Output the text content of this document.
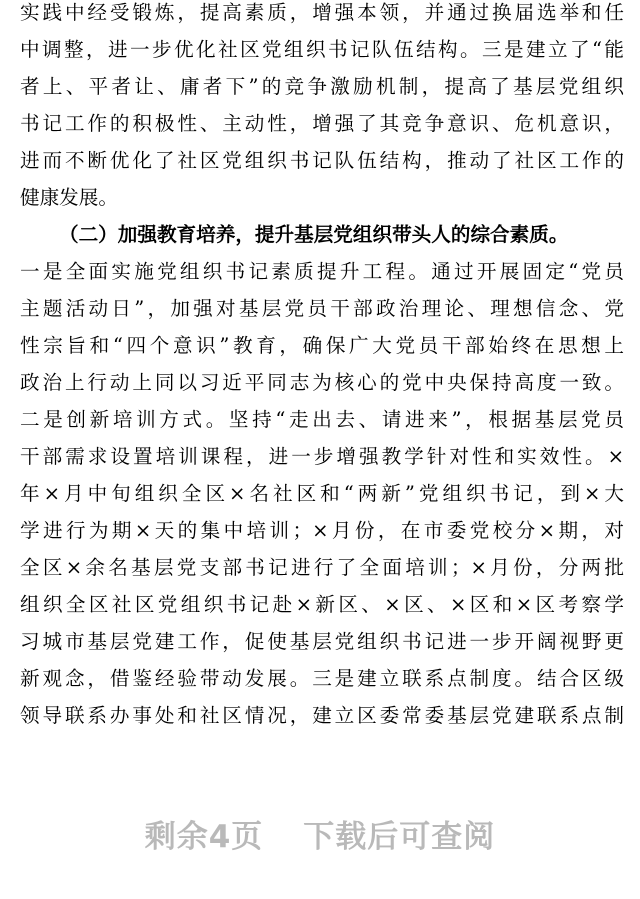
实践中经受锻炼，提高素质，增强本领，并通过换届选举和任
中调整，进一步优化社区党组织书记队伍结构。三是建立了“能
者上、平者让、庸者下”的竞争激励机制，提高了基层党组织
书记工作的积极性、主动性，增强了其竞争意识、危机意识，
进而不断优化了社区党组织书记队伍结构，推动了社区工作的
健康发展。
（二）加强教育培养，提升基层党组织带头人的综合素质。
一是全面实施党组织书记素质提升工程。通过开展固定“党员
主题活动日”，加强对基层党员干部政治理论、理想信念、党
性宗旨和“四个意识”教育，确保广大党员干部始终在思想上
政治上行动上同以习近平同志为核心的党中央保持高度一致。
二是创新培训方式。坚持“走出去、请进来”，根据基层党员
干部需求设置培训课程，进一步增强教学针对性和实效性。×
年×月中旬组织全区×名社区和“两新”党组织书记，到×大
学进行为期×天的集中培训；×月份，在市委党校分×期，对
全区×余名基层党支部书记进行了全面培训；×月份，分两批
组织全区社区党组织书记赴×新区、×区、×区和×区考察学
习城市基层党建工作，促使基层党组织书记进一步开阔视野更
新观念，借鉴经验带动发展。三是建立联系点制度。结合区级
领导联系办事处和社区情况，建立区委常委基层党建联系点制
剩余4页 下载后可查阅
